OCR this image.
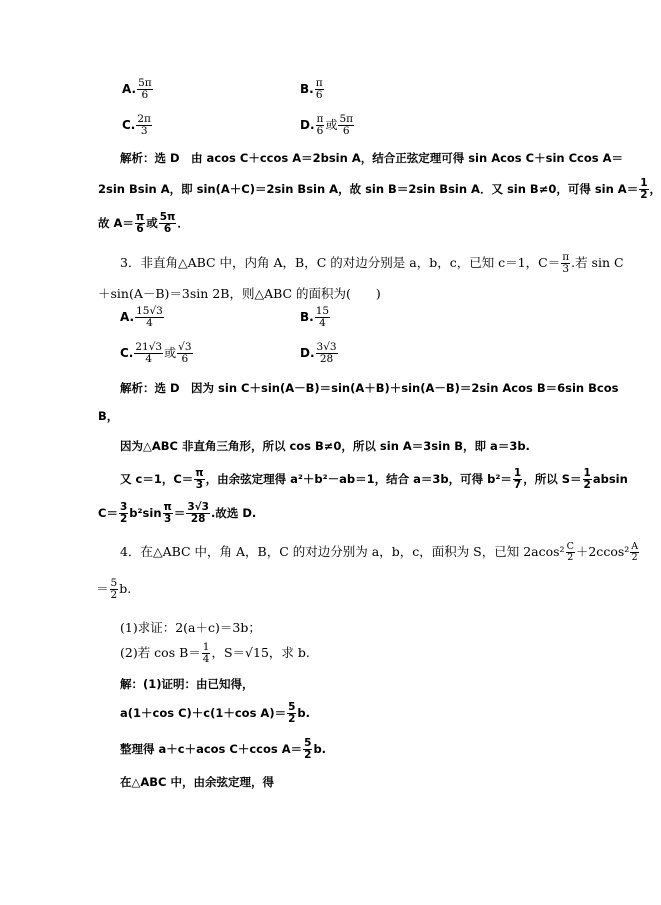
A. $\frac{5\pi}{6}$	B. $\frac{\pi}{6}$
C. $\frac{2\pi}{3}$	D. $\frac{\pi}{6}$ 或 $\frac{5\pi}{6}$
解析：选 D　由 acos C＋ccos A＝2bsin A，结合正弦定理可得 sin Acos C＋sin Ccos A＝
2sin Bsin A，即 sin(A＋C)＝2sin Bsin A，故 sin B＝2sin Bsin A．又 sin B≠0，可得 $\sin A= \frac{1}{2}$ ，
故 $A= \frac{\pi}{6}$ 或 $\frac{5\pi}{6}$ ．
3．非直角△ABC 中，内角 A，B，C 的对边分别是 a，b，c，已知 c＝1，$C= \frac{\pi}{3}$ .若 sin C
＋sin(A－B)＝3sin 2B，则△ABC 的面积为(　　)
A. $\frac{15√3}{4}$	B. $\frac{15}{4}$
C. $\frac{21√3}{4}$ 或 $\frac{√3}{6}$	D. $\frac{3√3}{28}$
解析：选 D　因为 sin C＋sin(A－B)＝sin(A＋B)＋sin(A－B)＝2sin Acos B＝6sin Bcos
B，
因为△ABC 非直角三角形，所以 cos B≠0，所以 sin A＝3sin B，即 a＝3b.
又 c＝1，$C= \frac{\pi}{3}$ ，由余弦定理得 a²＋b²－ab＝1，结合 a＝3b，可得 $b^2= \frac{1}{7}$ ，所以 $S= \frac{1}{2}$ absin
$C= \frac{3}{2} b^2\sin \frac{\pi}{3} = \frac{3√3}{28}$ .故选 D.
4．在△ABC 中，角 A，B，C 的对边分别为 a，b，c，面积为 S，已知 $2acos^2 \frac{C}{2} +2ccos^2 \frac{A}{2}$
＝ $\frac{5}{2} b$.
(1)求证：2(a＋c)＝3b；
(2)若 $\cos B= \frac{1}{4}$ ，S＝√15，求 b.
解：(1)证明：由已知得，
a(1＋cos C)＋c(1＋cos $A)= \frac{5}{2} b$.
整理得 a＋c＋acos C＋ccos $A= \frac{5}{2} b$.
在△ABC 中，由余弦定理，得
